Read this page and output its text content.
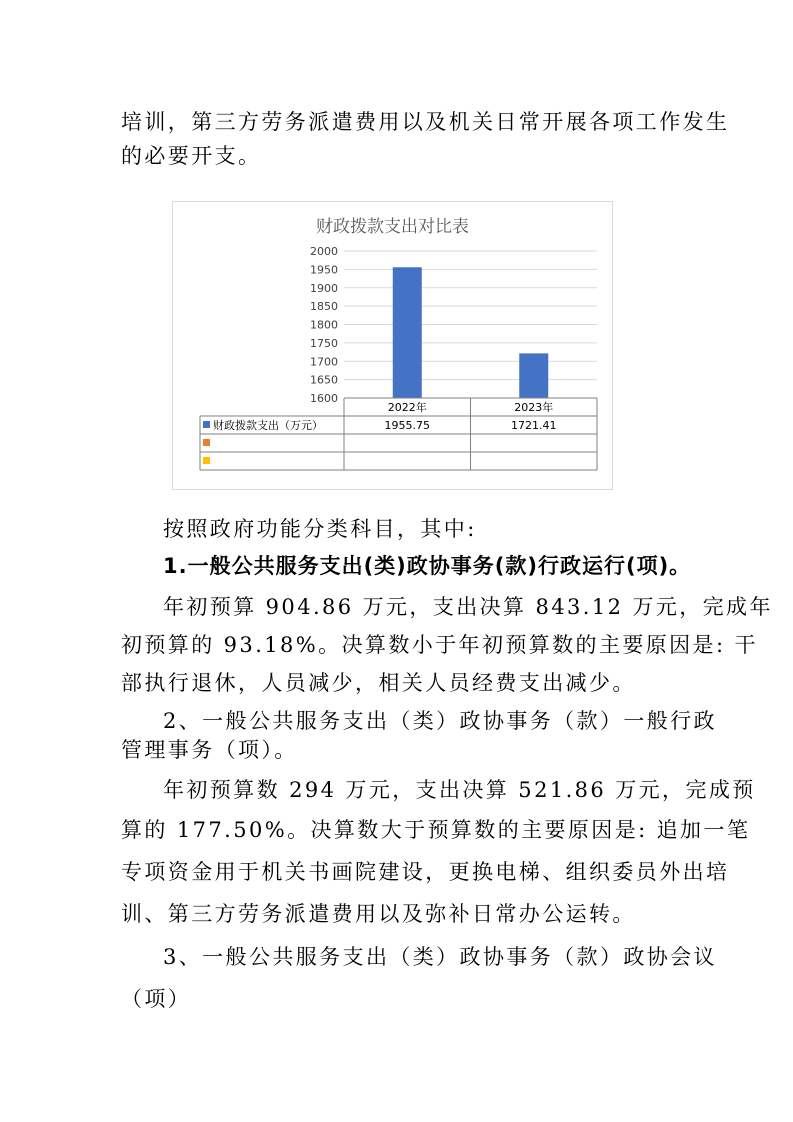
培训，第三方劳务派遣费用以及机关日常开展各项工作发生
的必要开支。
财政拨款支出对比表
1600
1650
1700
1750
1800
1850
1900
1950
2000
2022年	2023年
财政拨款支出（万元）	1955.75	1721.41
按照政府功能分类科目，其中:
1.一般公共服务支出(类)政协事务(款)行政运行(项)。
年初预算 904.86 万元，支出决算 843.12 万元，完成年
初预算的 93.18%。决算数小于年初预算数的主要原因是: 干
部执行退休，人员减少，相关人员经费支出减少。
2、一般公共服务支出（类）政协事务（款）一般行政
管理事务（项）。
年初预算数 294 万元，支出决算 521.86 万元，完成预
算的 177.50%。决算数大于预算数的主要原因是: 追加一笔
专项资金用于机关书画院建设，更换电梯、组织委员外出培
训、第三方劳务派遣费用以及弥补日常办公运转。
3、一般公共服务支出（类）政协事务（款）政协会议
（项）
